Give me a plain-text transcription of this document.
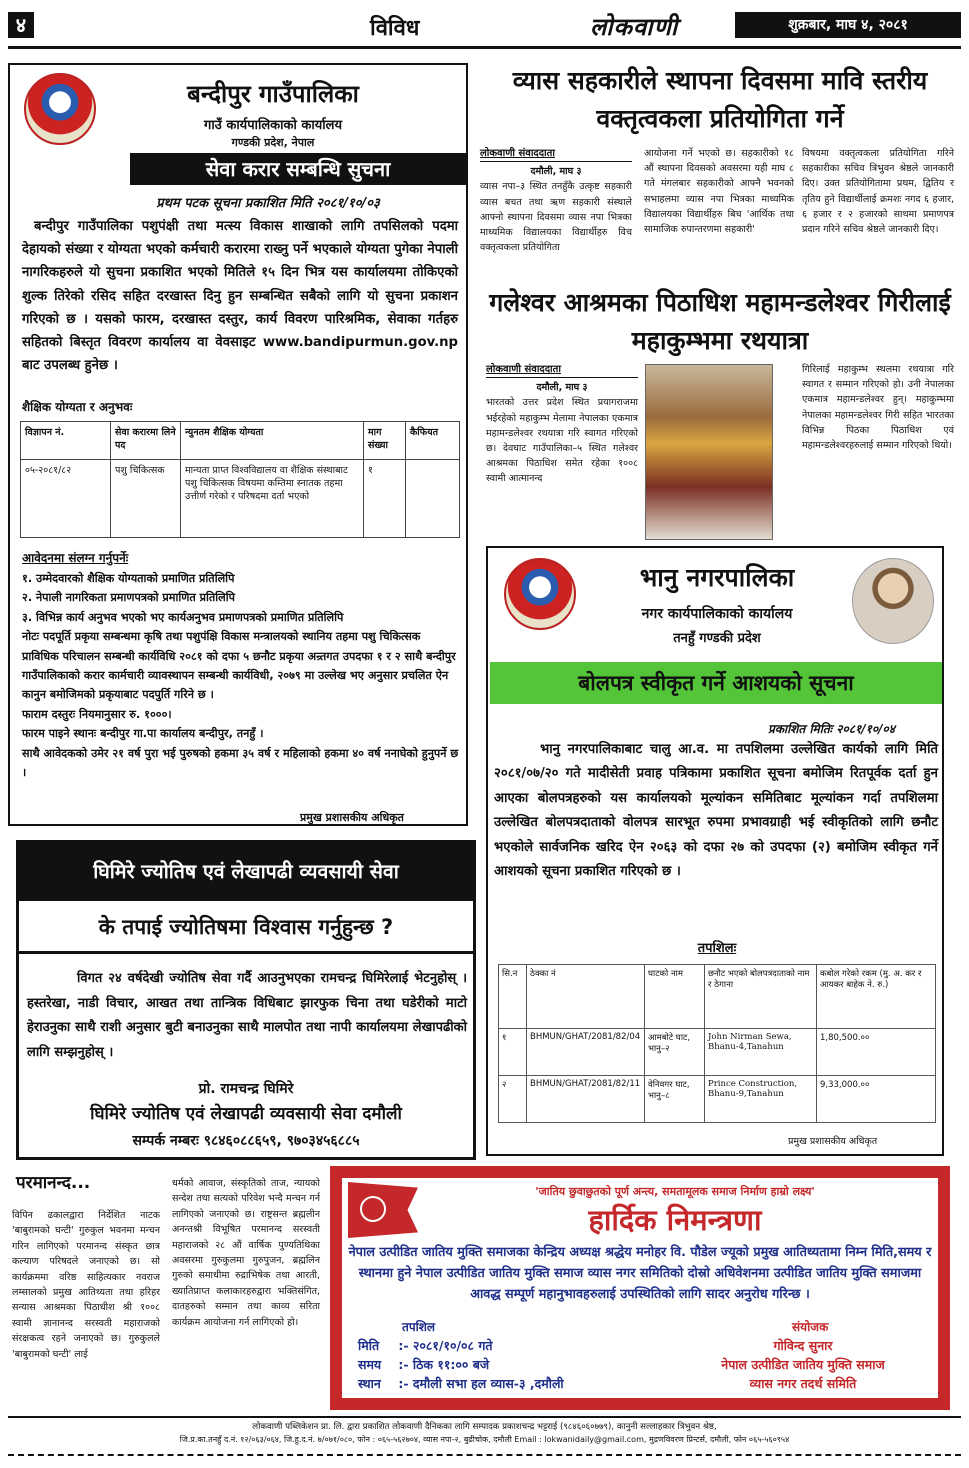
४	विविध	लोकवाणी	शुक्रबार, माघ ४, २०८१
बन्दीपुर गाउँपालिका
गाउँ कार्यपालिकाको कार्यालय
गण्डकी प्रदेश, नेपाल
सेवा करार सम्बन्धि सुचना
प्रथम पटक सूचना प्रकाशित मिति २०८१/१०/०३
बन्दीपुर गाउँपालिका पशुपंक्षी तथा मत्स्य विकास शाखाको लागि तपसिलको पदमा देहायको संख्या र योग्यता भएको कर्मचारी करारमा राख्नु पर्ने भएकाले योग्यता पुगेका नेपाली नागरिकहरुले यो सुचना प्रकाशित भएको मितिले १५ दिन भित्र यस कार्यालयमा तोकिएको शुल्क तिरेको रसिद सहित दरखास्त दिनु हुन सम्बन्धित सबैको लागि यो सुचना प्रकाशन गरिएको छ । यसको फारम, दरखास्त दस्तुर, कार्य विवरण पारिश्रमिक, सेवाका गर्तहरु सहितको बिस्तृत विवरण कार्यालय वा वेवसाइट www.bandipurmun.gov.np बाट उपलब्ध हुनेछ ।
शैक्षिक योग्यता र अनुभवः
विज्ञापन नं.	सेवा करारमा लिने पद	न्युनतम शैक्षिक योग्यता	माग संख्या	कैफियत
०५-२०८१/८२	पशु चिकित्सक	मान्यता प्राप्त विश्वविद्यालय वा शैक्षिक संस्थाबाट पशु चिकित्सक विषयमा कम्तिमा स्नातक तहमा उत्तीर्ण गरेको र परिषदमा दर्ता भएको	१	
आवेदनमा संलग्न गर्नुपर्नेः
१. उम्मेदवारको शैक्षिक योग्यताको प्रमाणित प्रतिलिपि
२. नेपाली नागरिकता प्रमाणपत्रको प्रमाणित प्रतिलिपि
३. विभिन्न कार्य अनुभव भएको भए कार्यअनुभव प्रमाणपत्रको प्रमाणित प्रतिलिपि
नोटः पदपूर्ति प्रकृया सम्बन्धमा कृषि तथा पशुपंक्षि विकास मन्त्रालयको स्थानिय तहमा पशु चिकित्सक प्राविधिक परिचालन सम्बन्धी कार्यविधि २०८१ को दफा ५ छनौट प्रकृया अन्र्तगत उपदफा १ र २ साथै बन्दीपुर गाउँपालिकाको करार कार्मचारी व्यावस्थापन सम्बन्धी कार्यविधी, २०७९ मा उल्लेख भए अनुसार प्रचलित ऐन कानुन बमोजिमको प्रकृयाबाट पदपुर्ति गरिने छ ।
फाराम दस्तुरः नियमानुसार रु. १०००।
फारम पाइने स्थानः बन्दीपुर गा.पा कार्यालय बन्दीपुर, तनहुँ ।
साथै आवेदकको उमेर २१ वर्ष पुरा भई पुरुषको हकमा ३५ वर्ष र महिलाको हकमा ४० वर्ष ननाघेको हुनुपर्ने छ ।
प्रमुख प्रशासकीय अधिकृत
व्यास सहकारीले स्थापना दिवसमा मावि स्तरीय वक्तृत्वकला प्रतियोगिता गर्ने
लोकवाणी संवाददाता
दमौली, माघ ३
व्यास नपा–३ स्थित तनहुँकै उत्कृष्ट सहकारी व्यास बचत तथा ऋण सहकारी संस्थाले आफ्नो स्थापना दिवसमा व्यास नपा भित्रका माध्यमिक विद्यालयका विद्यार्थीहरु विच वक्तृत्वकला प्रतियोगिता
आयोजना गर्ने भएको छ। सहकारीको १८ औं स्थापना दिवसको अवसरमा यही माघ ८ गते मंगलबार सहकारीको आफ्नै भवनको सभाहलमा व्यास नपा भित्रका माध्यमिक विद्यालयका विद्यार्थीहरु बिच 'आर्थिक तथा सामाजिक रुपान्तरणमा सहकारी'
विषयमा वक्तृत्वकला प्रतियोगिता गरिने सहकारीका सचिव त्रिभुवन श्रेष्ठले जानकारी दिए। उक्त प्रतियोगितामा प्रथम, द्वितिय र तृतिय हुने विद्यार्थीलाई क्रमशः नगद ६ हजार, ६ हजार र २ हजारको साथमा प्रमाणपत्र प्रदान गरिने सचिव श्रेष्ठले जानकारी दिए।
गलेश्वर आश्रमका पिठाधिश महामन्डलेश्वर गिरीलाई महाकुम्भमा रथयात्रा
लोकवाणी संवाददाता
दमौली, माघ ३
भारतको उत्तर प्रदेश स्थित प्रयागराजमा भईरहेको महाकुम्भ मेलामा नेपालका एकमात्र महामन्डलेश्वर रथयात्रा गरि स्वागत गरिएको छ। देवघाट गाउँपालिका–५ स्थित गलेश्वर आश्रमका पिठाधिश समेत रहेका १००८ स्वामी आत्मानन्द
गिरिलाई महाकुम्भ स्थलमा रथयात्रा गरि स्वागत र सम्मान गरिएको हो। उनी नेपालका एकमात्र महामन्डलेश्वर हुन्। महाकुम्भमा नेपालका महामन्डलेश्वर गिरी सहित भारतका विभिन्न पिठका पिठाधिश एवं महामन्डलेश्वरहरुलाई सम्मान गरिएको थियो।
भानु नगरपालिका
नगर कार्यपालिकाको कार्यालय
तनहुँ गण्डकी प्रदेश
बोलपत्र स्वीकृत गर्ने आशयको सूचना
प्रकाशित मितिः २०८१/१०/०४
भानु नगरपालिकाबाट चालु आ.व. मा तपशिलमा उल्लेखित कार्यको लागि मिति २०८१/०७/२० गते मादीसेती प्रवाह पत्रिकामा प्रकाशित सूचना बमोजिम रितपूर्वक दर्ता हुन आएका बोलपत्रहरुको यस कार्यालयको मूल्यांकन समितिबाट मूल्यांकन गर्दा तपशिलमा उल्लेखित बोलपत्रदाताको वोलपत्र सारभूत रुपमा प्रभावग्राही भई स्वीकृतिको लागि छनौट भएकोले सार्वजनिक खरिद ऐन २०६३ को दफा २७ को उपदफा (२) बमोजिम स्वीकृत गर्ने आशयको सूचना प्रकाशित गरिएको छ ।
तपशिलः
सि.न	ठेक्का नं	घाटको नाम	छनौट भएको बोलपत्रदाताको नाम र ठेगाना	कबोल गरेको रकम (मु. अ. कर र आयकर बाहेक ने. रु.)
१	BHMUN/GHAT/2081/82/04	आमबोटे घाट, भानु–२	John Nirman Sewa, Bhanu-4,Tanahun	1,80,500.००
२	BHMUN/GHAT/2081/82/11	वेनिवगर घाट, भानु–८	Prince Construction, Bhanu-9,Tanahun	9,33,000.००
प्रमुख प्रशासकीय अधिकृत
घिमिरे ज्योतिष एवं लेखापढी व्यवसायी सेवा
के तपाई ज्योतिषमा विश्वास गर्नुहुन्छ ?
विगत २४ वर्षदेखी ज्योतिष सेवा गर्दै आउनुभएका रामचन्द्र घिमिरेलाई भेटनुहोस् । हस्तरेखा, नाडी विचार, आखत तथा तान्त्रिक विधिबाट झारफुक चिना तथा घडेरीको माटो हेराउनुका साथै राशी अनुसार बुटी बनाउनुका साथै मालपोत तथा नापी कार्यालयमा लेखापढीको लागि सम्झनुहोस् ।
प्रो. रामचन्द्र घिमिरे
घिमिरे ज्योतिष एवं लेखापढी व्यवसायी सेवा दमौली
सम्पर्क नम्बरः ९८४६०८८६५९, ९७०३४५६८८५
परमानन्द...
विपिन ढकालद्वारा निर्देशित नाटक 'बाबुरामको घन्टी' गुरुकुल भवनमा मन्चन गरिन लागिएको परमानन्द संस्कृत छात्र कल्याण परिषदले जनाएको छ। सो कार्यक्रममा वरिष्ठ साहित्यकार नवराज लम्सालको प्रमुख आतिथ्यता तथा हरिहर सन्यास आश्रमका पिठाधीश श्री १००८ स्वामी ज्ञानानन्द सरस्वती महाराजको संरक्षकत्व रहने जनाएको छ। गुरुकुलले 'बाबुरामको घन्टी' लाई
धर्मको आवाज, संस्कृतिको ताज, न्यायको सन्देश तथा सत्यको परिवेश भन्दै मन्चन गर्न लागिएको जनाएको छ। राष्ट्रसन्त ब्रह्मलीन अनन्तश्री विभूषित परमानन्द सरस्वती महाराजको २८ औं वार्षिक पुण्यतिथिका अवसरमा गुरुकुलमा गुरुपुजन, ब्रह्मलिन गुरुको समाधीमा रुद्राभिषेक तथा आरती, ख्यातिप्राप्त कलाकारहरुद्वारा भक्तिसंगित, दातहरुको सम्मान तथा काव्य सरिता कार्यक्रम आयोजना गर्न लागिएको हो।
'जातिय छुवाछुतको पूर्ण अन्त्य, समतामूलक समाज निर्माण हाम्रो लक्ष्य'
हार्दिक निमन्त्रणा
नेपाल उत्पीडित जातिय मुक्ति समाजका केन्द्रिय अध्यक्ष श्रद्धेय मनोहर वि. पौडेल ज्यूको प्रमुख आतिथ्यतामा निम्न मिति,समय र स्थानमा हुने नेपाल उत्पीडित जातिय मुक्ति समाज व्यास नगर समितिको दोस्रो अधिवेशनमा उत्पीडित जातिय मुक्ति समाजमा आवद्ध सम्पूर्ण महानुभावहरुलाई उपस्थितिको लागि सादर अनुरोध गरिन्छ ।
तपशिल
मिति :- २०८१/१०/०८ गते
समय :- ठिक ११:०० बजे
स्थान :- दमौली सभा हल व्यास-३ ,दमौली
संयोजक
गोविन्द सुनार
नेपाल उत्पीडित जातिय मुक्ति समाज
व्यास नगर तदर्थ समिति
लोकवाणी पब्लिकेशन प्रा. लि. द्वारा प्रकाशित लोकवाणी दैनिकका लागि सम्पादक प्रकाशचन्द्र भट्टराई (९८४६०६०७७९), कानुनी सल्लाहकार त्रिभुवन श्रेष्ठ,
जि.प्र.का.तनहुँ द.नं. १२/०६३/०६४, जि.हु.द.नं. ७/०७१/०८०, फोन : ०६५-५६२७०४, व्यास नपा-२, बुढीचोक, दमौली Email : lokwanidaily@gmail.com, मुद्रणविवरण प्रिन्टर्स, दमौली, फोन ०६५-५६०९५४
